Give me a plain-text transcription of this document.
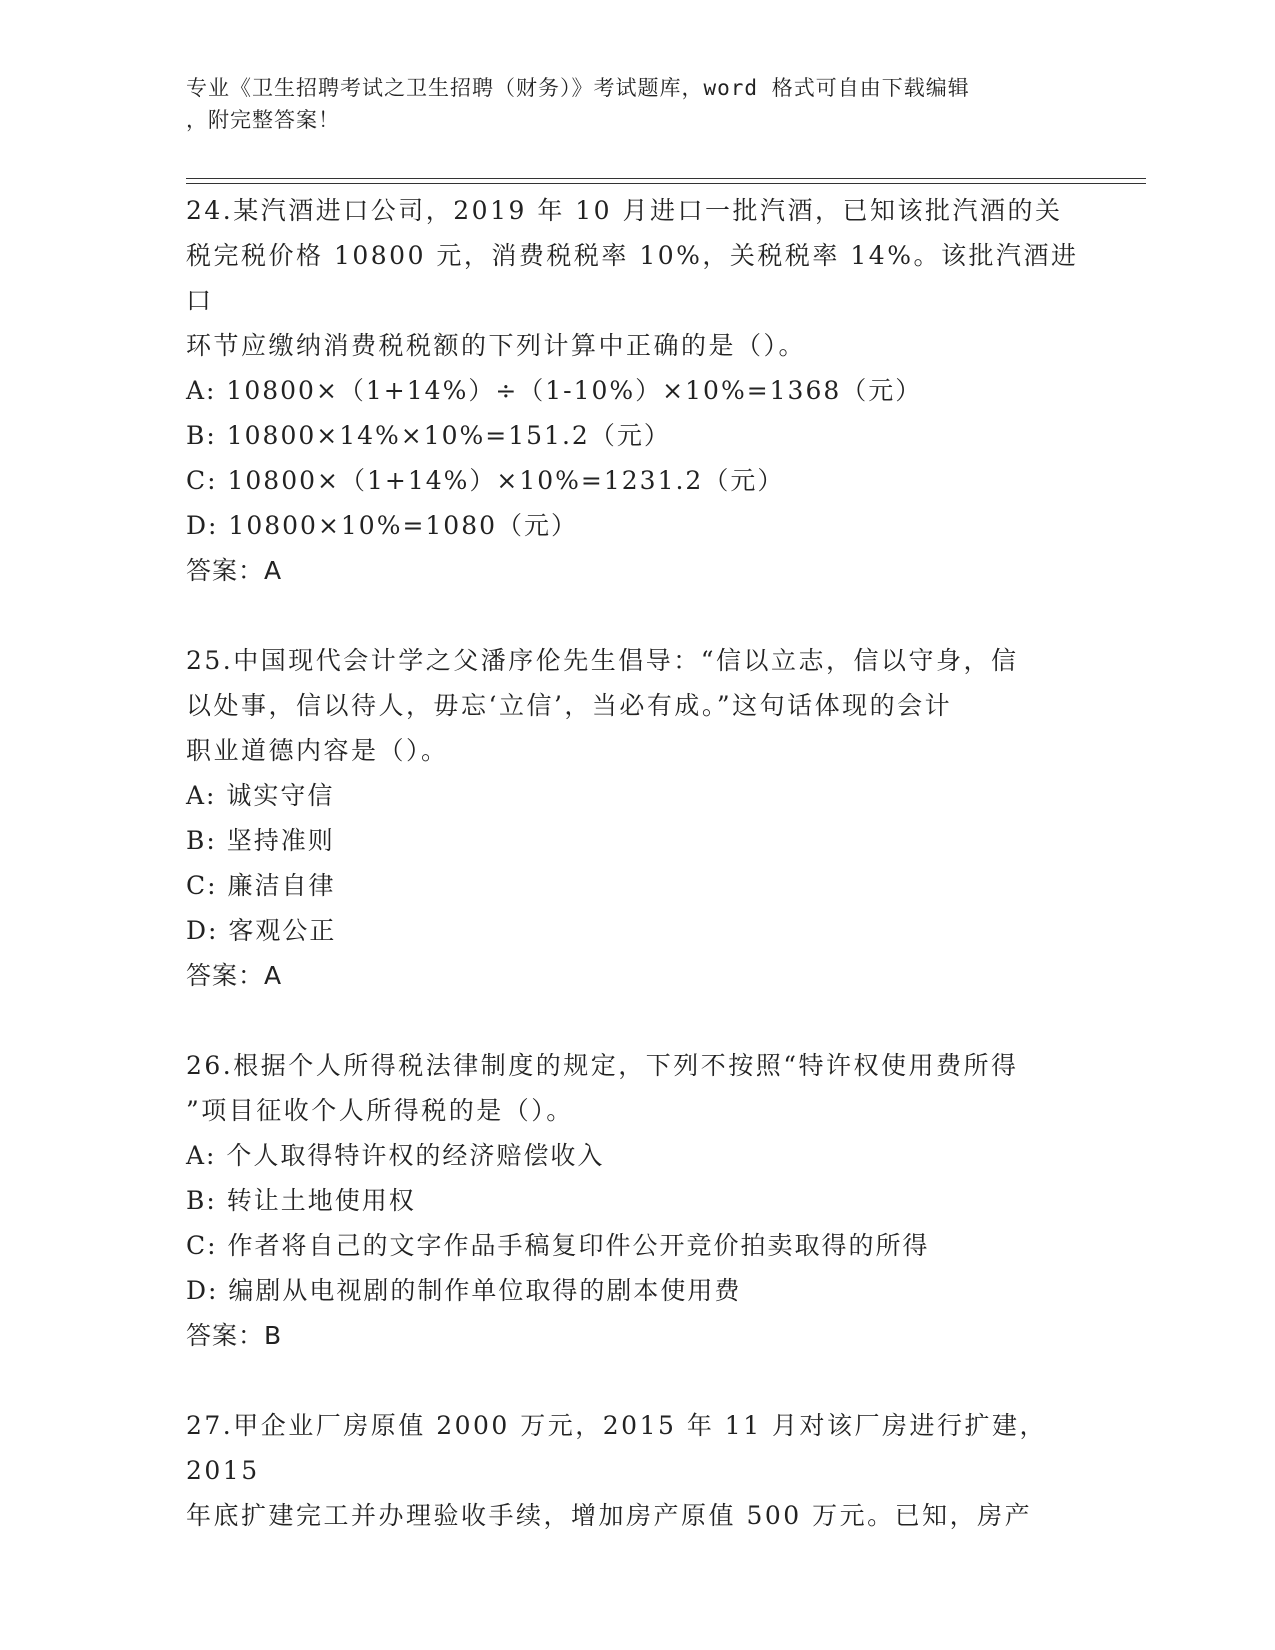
专业《卫生招聘考试之卫生招聘（财务）》考试题库，word 格式可自由下载编辑
，附完整答案！

24.某汽酒进口公司，2019 年 10 月进口一批汽酒，已知该批汽酒的关

税完税价格 10800 元，消费税税率 10%，关税税率 14%。该批汽酒进口

环节应缴纳消费税税额的下列计算中正确的是（）。

A: 10800×（1+14%）÷（1-10%）×10%=1368（元）

B: 10800×14%×10%=151.2（元）

C: 10800×（1+14%）×10%=1231.2（元）

D: 10800×10%=1080（元）

答案：A

25.中国现代会计学之父潘序伦先生倡导：“信以立志，信以守身，信

以处事，信以待人，毋忘‘立信’，当必有成。”这句话体现的会计

职业道德内容是（）。

A: 诚实守信

B: 坚持准则

C: 廉洁自律

D: 客观公正

答案：A

26.根据个人所得税法律制度的规定，下列不按照“特许权使用费所得

”项目征收个人所得税的是（）。

A: 个人取得特许权的经济赔偿收入

B: 转让土地使用权

C: 作者将自己的文字作品手稿复印件公开竞价拍卖取得的所得

D: 编剧从电视剧的制作单位取得的剧本使用费

答案：B

27.甲企业厂房原值 2000 万元，2015 年 11 月对该厂房进行扩建，2015

年底扩建完工并办理验收手续，增加房产原值 500 万元。已知，房产
